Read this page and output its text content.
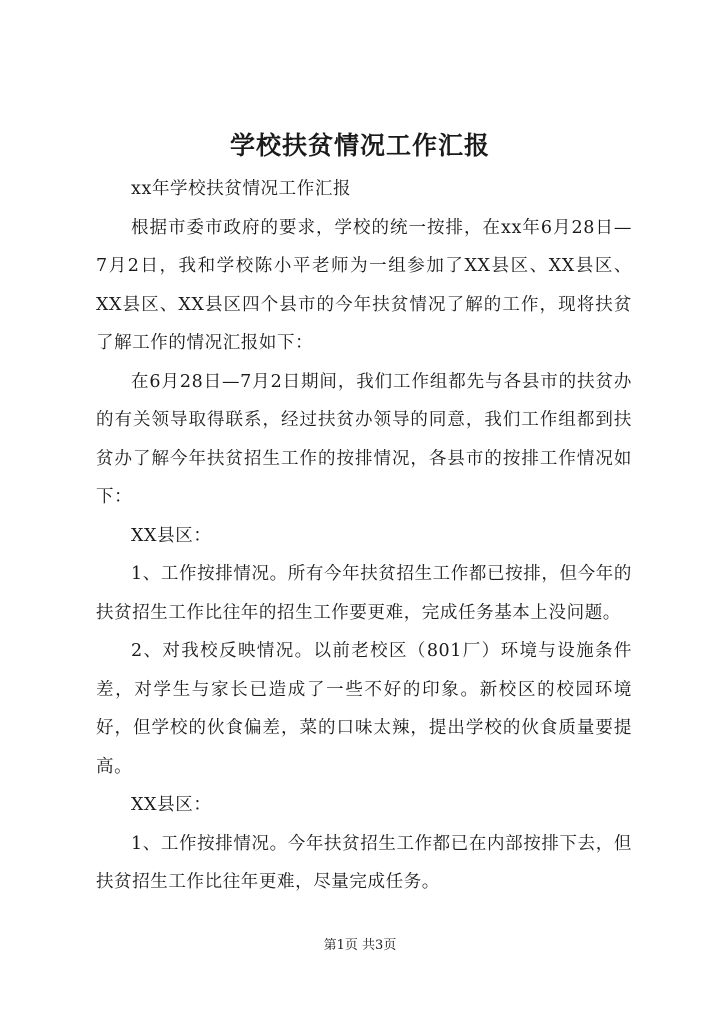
学校扶贫情况工作汇报

xx年学校扶贫情况工作汇报

根据市委市政府的要求，学校的统一按排，在xx年6月28日—7月2日，我和学校陈小平老师为一组参加了XX县区、XX县区、XX县区、XX县区四个县市的今年扶贫情况了解的工作，现将扶贫了解工作的情况汇报如下：

在6月28日—7月2日期间，我们工作组都先与各县市的扶贫办的有关领导取得联系，经过扶贫办领导的同意，我们工作组都到扶贫办了解今年扶贫招生工作的按排情况，各县市的按排工作情况如下：

XX县区：

1、工作按排情况。所有今年扶贫招生工作都已按排，但今年的扶贫招生工作比往年的招生工作要更难，完成任务基本上没问题。

2、对我校反映情况。以前老校区（801厂）环境与设施条件差，对学生与家长已造成了一些不好的印象。新校区的校园环境好，但学校的伙食偏差，菜的口味太辣，提出学校的伙食质量要提高。

XX县区：

1、工作按排情况。今年扶贫招生工作都已在内部按排下去，但扶贫招生工作比往年更难，尽量完成任务。

第1页 共3页
